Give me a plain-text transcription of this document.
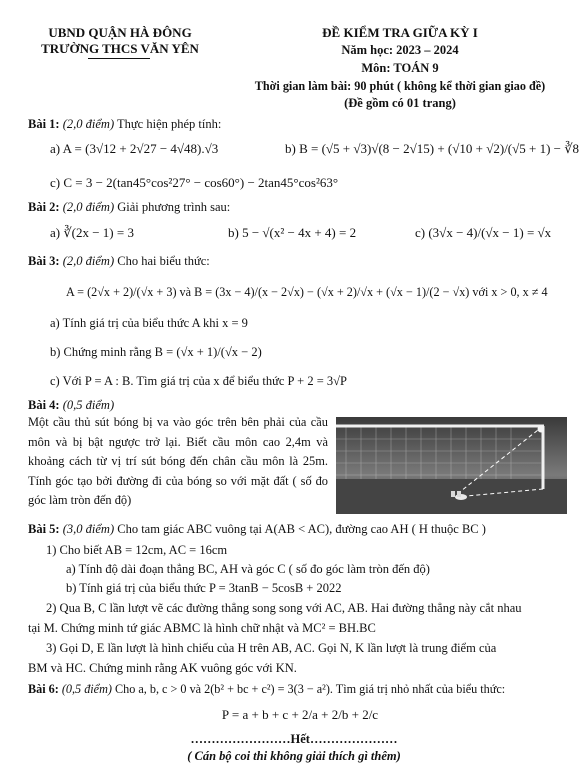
UBND QUẬN HÀ ĐÔNG
TRƯỜNG THCS VĂN YÊN
ĐỀ KIỂM TRA GIỮA KỲ I
Năm học: 2023 – 2024
Môn: TOÁN 9
Thời gian làm bài: 90 phút ( không kể thời gian giao đề)
(Đề gồm có 01 trang)
Bài 1: (2,0 điểm) Thực hiện phép tính:
a) A = (3√12 + 2√27 − 4√48).√3	b) B = (√5 + √3)√(8 − 2√15) + (√10 + √2)/(√5 + 1) − ∛8
c) C = 3 − 2(tan45°cos²27° − cos60°) − 2tan45°cos²63°
Bài 2: (2,0 điểm) Giải phương trình sau:
a) ∛(2x − 1) = 3	b) 5 − √(x² − 4x + 4) = 2	c) (3√x − 4)/(√x − 1) = √x
Bài 3: (2,0 điểm) Cho hai biểu thức:
A = (2√x + 2)/(√x + 3) và B = (3x − 4)/(x − 2√x) − (√x + 2)/√x + (√x − 1)/(2 − √x) với x > 0, x ≠ 4
a) Tính giá trị của biểu thức A khi x = 9
b) Chứng minh rằng B = (√x + 1)/(√x − 2)
c) Với P = A : B. Tìm giá trị của x để biểu thức P + 2 = 3√P
Bài 4: (0,5 điểm)
Một cầu thủ sút bóng bị va vào góc trên bên phải của cầu môn và bị bật ngược trở lại. Biết cầu môn cao 2,4m và khoảng cách từ vị trí sút bóng đến chân cầu môn là 25m. Tính góc tạo bởi đường đi của bóng so với mặt đất ( số đo góc làm tròn đến độ)
Bài 5: (3,0 điểm) Cho tam giác ABC vuông tại A(AB < AC), đường cao AH ( H thuộc BC )
1) Cho biết AB = 12cm, AC = 16cm
a) Tính độ dài đoạn thẳng BC, AH và góc C ( số đo góc làm tròn đến độ)
b) Tính giá trị của biểu thức P = 3tanB − 5cosB + 2022
2) Qua B, C lần lượt vẽ các đường thẳng song song với AC, AB. Hai đường thẳng này cắt nhau
tại M. Chứng minh tứ giác ABMC là hình chữ nhật và MC² = BH.BC
3) Gọi D, E lần lượt là hình chiếu của H trên AB, AC. Gọi N, K lần lượt là trung điểm của
BM và HC. Chứng minh rằng AK vuông góc với KN.
Bài 6: (0,5 điểm) Cho a, b, c > 0 và 2(b² + bc + c²) = 3(3 − a²). Tìm giá trị nhỏ nhất của biểu thức:
P = a + b + c + 2/a + 2/b + 2/c
……………………Hết…………………
( Cán bộ coi thi không giải thích gì thêm)
